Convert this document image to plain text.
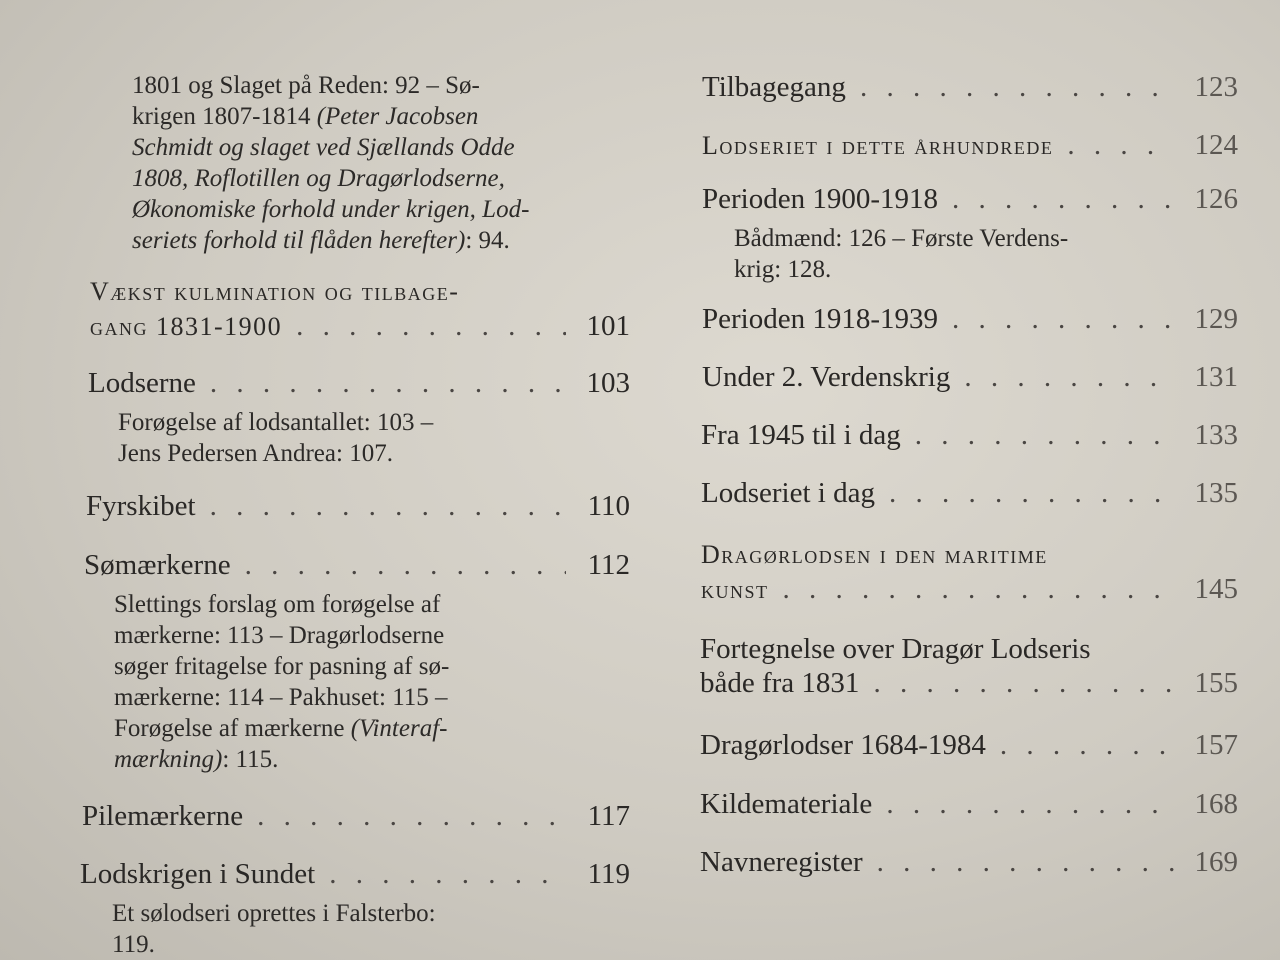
1801 og Slaget på Reden: 92 – Sø-
krigen 1807-1814 (Peter Jacobsen
Schmidt og slaget ved Sjællands Odde
1808, Roflotillen og Dragørlodserne,
Økonomiske forhold under krigen, Lod-
seriets forhold til flåden herefter): 94.
Vækst kulmination og tilbage-
gang 1831-1900 . . .	101
Lodserne . . .	103
Forøgelse af lodsantallet: 103 –
Jens Pedersen Andrea: 107.
Fyrskibet . . .	110
Sømærkerne . . .	112
Slettings forslag om forøgelse af
mærkerne: 113 – Dragørlodserne
søger fritagelse for pasning af sø-
mærkerne: 114 – Pakhuset: 115 –
Forøgelse af mærkerne (Vinteraf-
mærkning): 115.
Pilemærkerne . . .	117
Lodskrigen i Sundet . . .	119
Et sølodseri oprettes i Falsterbo:
119.
Tilbagegang . . .	123
Lodseriet i dette århundrede . . .	124
Perioden 1900-1918 . . .	126
Bådmænd: 126 – Første Verdens-
krig: 128.
Perioden 1918-1939 . . .	129
Under 2. Verdenskrig . . .	131
Fra 1945 til i dag . . .	133
Lodseriet i dag . . .	135
Dragørlodsen i den maritime
kunst . . .	145
Fortegnelse over Dragør Lodseris
både fra 1831 . . .	155
Dragørlodser 1684-1984 . . .	157
Kildemateriale . . .	168
Navneregister . . .	169
